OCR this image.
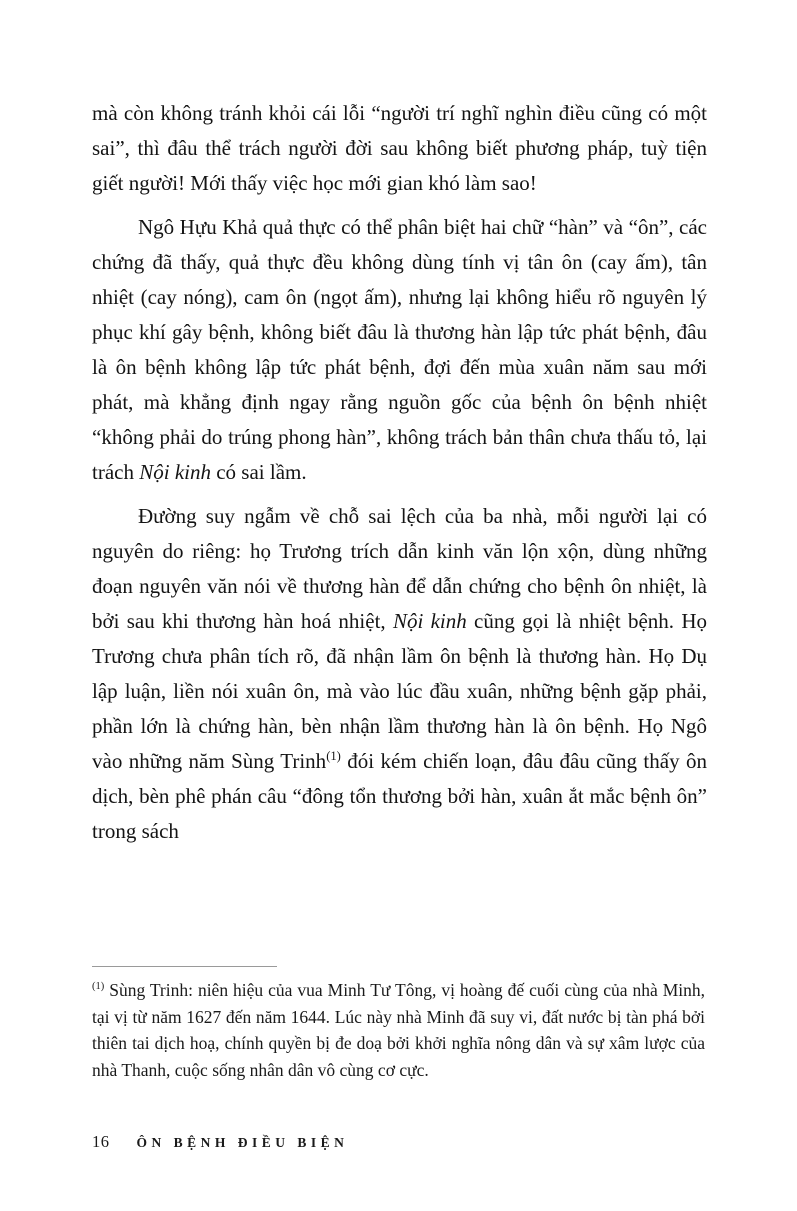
mà còn không tránh khỏi cái lỗi “người trí nghĩ nghìn điều cũng có một sai”, thì đâu thể trách người đời sau không biết phương pháp, tuỳ tiện giết người! Mới thấy việc học mới gian khó làm sao!

Ngô Hựu Khả quả thực có thể phân biệt hai chữ “hàn” và “ôn”, các chứng đã thấy, quả thực đều không dùng tính vị tân ôn (cay ấm), tân nhiệt (cay nóng), cam ôn (ngọt ấm), nhưng lại không hiểu rõ nguyên lý phục khí gây bệnh, không biết đâu là thương hàn lập tức phát bệnh, đâu là ôn bệnh không lập tức phát bệnh, đợi đến mùa xuân năm sau mới phát, mà khẳng định ngay rằng nguồn gốc của bệnh ôn bệnh nhiệt “không phải do trúng phong hàn”, không trách bản thân chưa thấu tỏ, lại trách Nội kinh có sai lầm.

Đường suy ngẫm về chỗ sai lệch của ba nhà, mỗi người lại có nguyên do riêng: họ Trương trích dẫn kinh văn lộn xộn, dùng những đoạn nguyên văn nói về thương hàn để dẫn chứng cho bệnh ôn nhiệt, là bởi sau khi thương hàn hoá nhiệt, Nội kinh cũng gọi là nhiệt bệnh. Họ Trương chưa phân tích rõ, đã nhận lầm ôn bệnh là thương hàn. Họ Dụ lập luận, liền nói xuân ôn, mà vào lúc đầu xuân, những bệnh gặp phải, phần lớn là chứng hàn, bèn nhận lầm thương hàn là ôn bệnh. Họ Ngô vào những năm Sùng Trinh$^{(1)}$ đói kém chiến loạn, đâu đâu cũng thấy ôn dịch, bèn phê phán câu “đông tổn thương bởi hàn, xuân ắt mắc bệnh ôn” trong sách

$^{(1)}$ Sùng Trinh: niên hiệu của vua Minh Tư Tông, vị hoàng đế cuối cùng của nhà Minh, tại vị từ năm 1627 đến năm 1644. Lúc này nhà Minh đã suy vi, đất nước bị tàn phá bởi thiên tai dịch hoạ, chính quyền bị đe doạ bởi khởi nghĩa nông dân và sự xâm lược của nhà Thanh, cuộc sống nhân dân vô cùng cơ cực.
16 ÔN BỆNH ĐIỀU BIỆN
